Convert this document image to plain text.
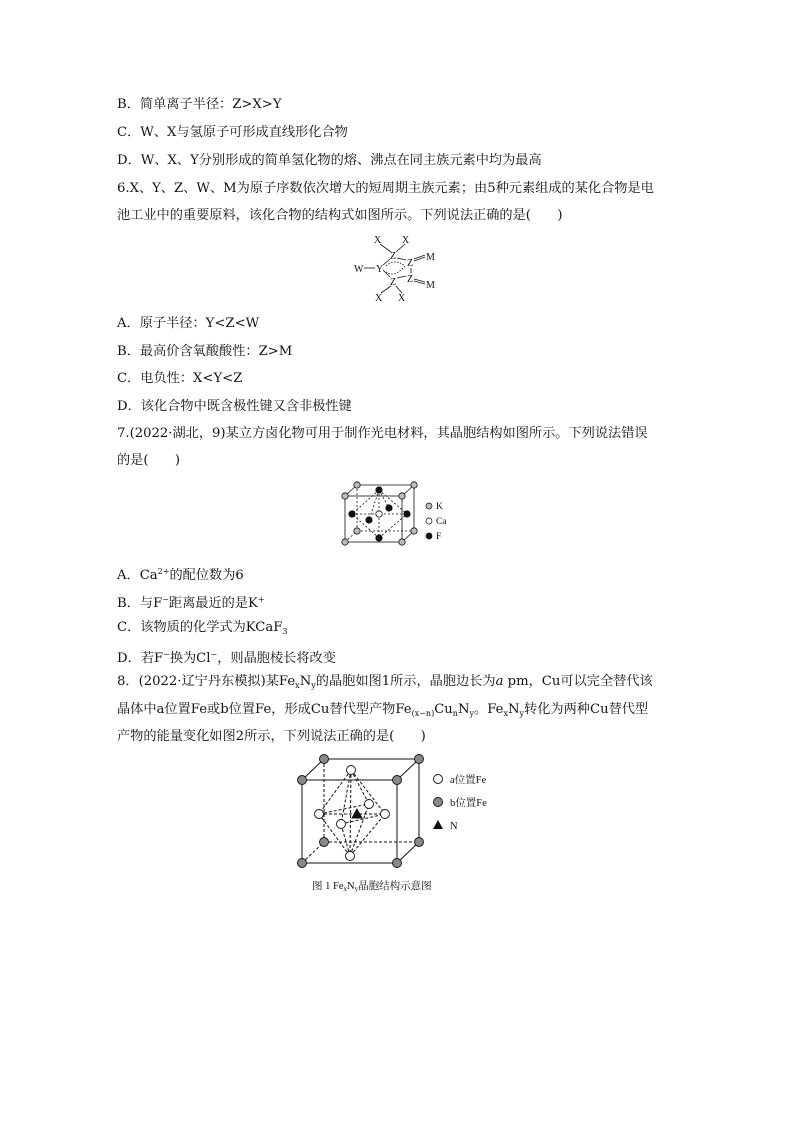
B．简单离子半径：Z>X>Y
C．W、X与氢原子可形成直线形化合物
D．W、X、Y分别形成的简单氢化物的熔、沸点在同主族元素中均为最高
6.X、Y、Z、W、M为原子序数依次增大的短周期主族元素；由5种元素组成的某化合物是电
池工业中的重要原料，该化合物的结构式如图所示。下列说法正确的是(　　)
X X
Z
Z
M
W Y
Z Z
M
X X
A．原子半径：Y<Z<W
B．最高价含氧酸酸性：Z>M
C．电负性：X<Y<Z
D．该化合物中既含极性键又含非极性键
7.(2022·湖北，9)某立方卤化物可用于制作光电材料，其晶胞结构如图所示。下列说法错误
的是(　　)
K
Ca
F
A．$Ca^{2+}$的配位数为6
B．与F−距离最近的是K+
C．该物质的化学式为KCaF$_3$
D．若F−换为Cl−，则晶胞棱长将改变
8．(2022·辽宁丹东模拟)某$Fe_xN_y$的晶胞如图1所示，晶胞边长为a pm，Cu可以完全替代该
晶体中a位置Fe或b位置Fe，形成Cu替代型产物$Fe_{(x-n)}Cu_nN_y$。$Fe_xN_y$转化为两种Cu替代型
产物的能量变化如图2所示，下列说法正确的是(　　)
a位置Fe
b位置Fe
N
图 1 FexNy晶胞结构示意图
